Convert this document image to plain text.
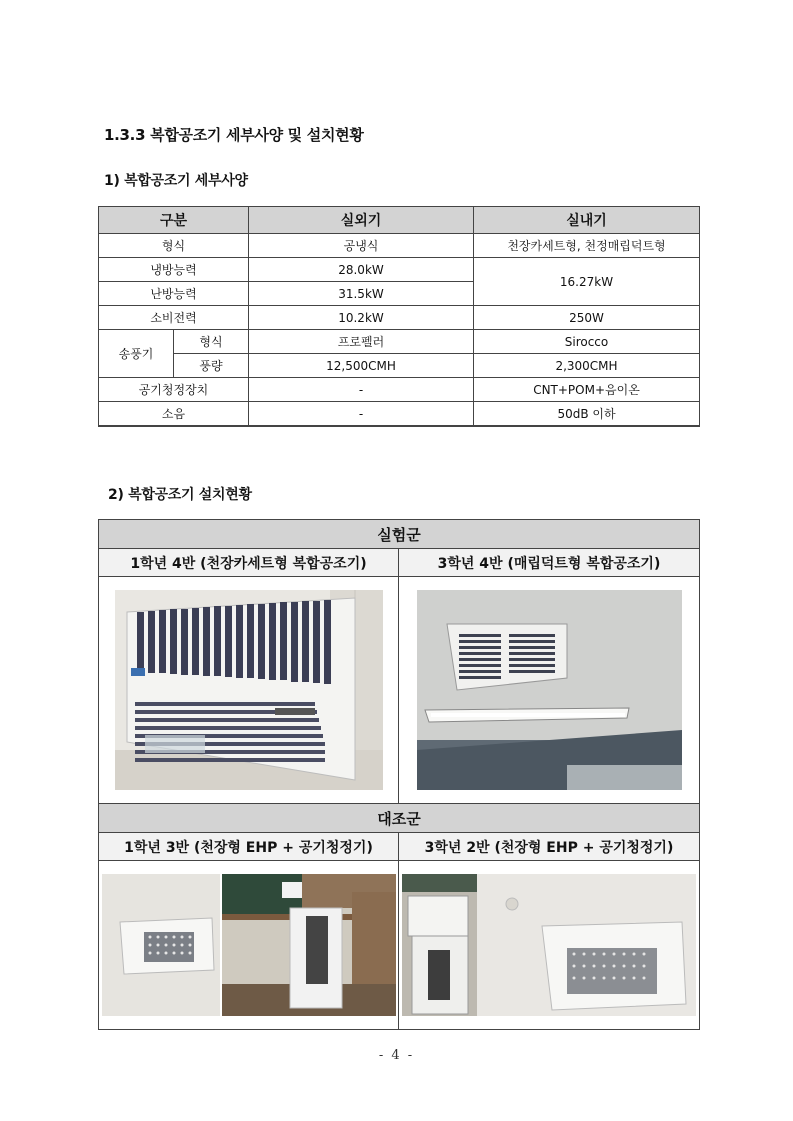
1.3.3 복합공조기 세부사양 및 설치현황
1) 복합공조기 세부사양
구분		실외기	실내기
형식		공냉식	천장카세트형, 천정매립덕트형
냉방능력		28.0kW	16.27kW
난방능력		31.5kW	
소비전력		10.2kW	250W
송풍기	형식	프로펠러	Sirocco
	풍량	12,500CMH	2,300CMH
공기청정장치		-	CNT+POM+음이온
소음		-	50dB 이하
2) 복합공조기 설치현황
실험군	
1학년 4반 (천장카세트형 복합공조기)	3학년 4반 (매립덕트형 복합공조기)

대조군	
1학년 3반 (천장형 EHP + 공기청정기)	3학년 2반 (천장형 EHP + 공기청정기)

- 4 -
